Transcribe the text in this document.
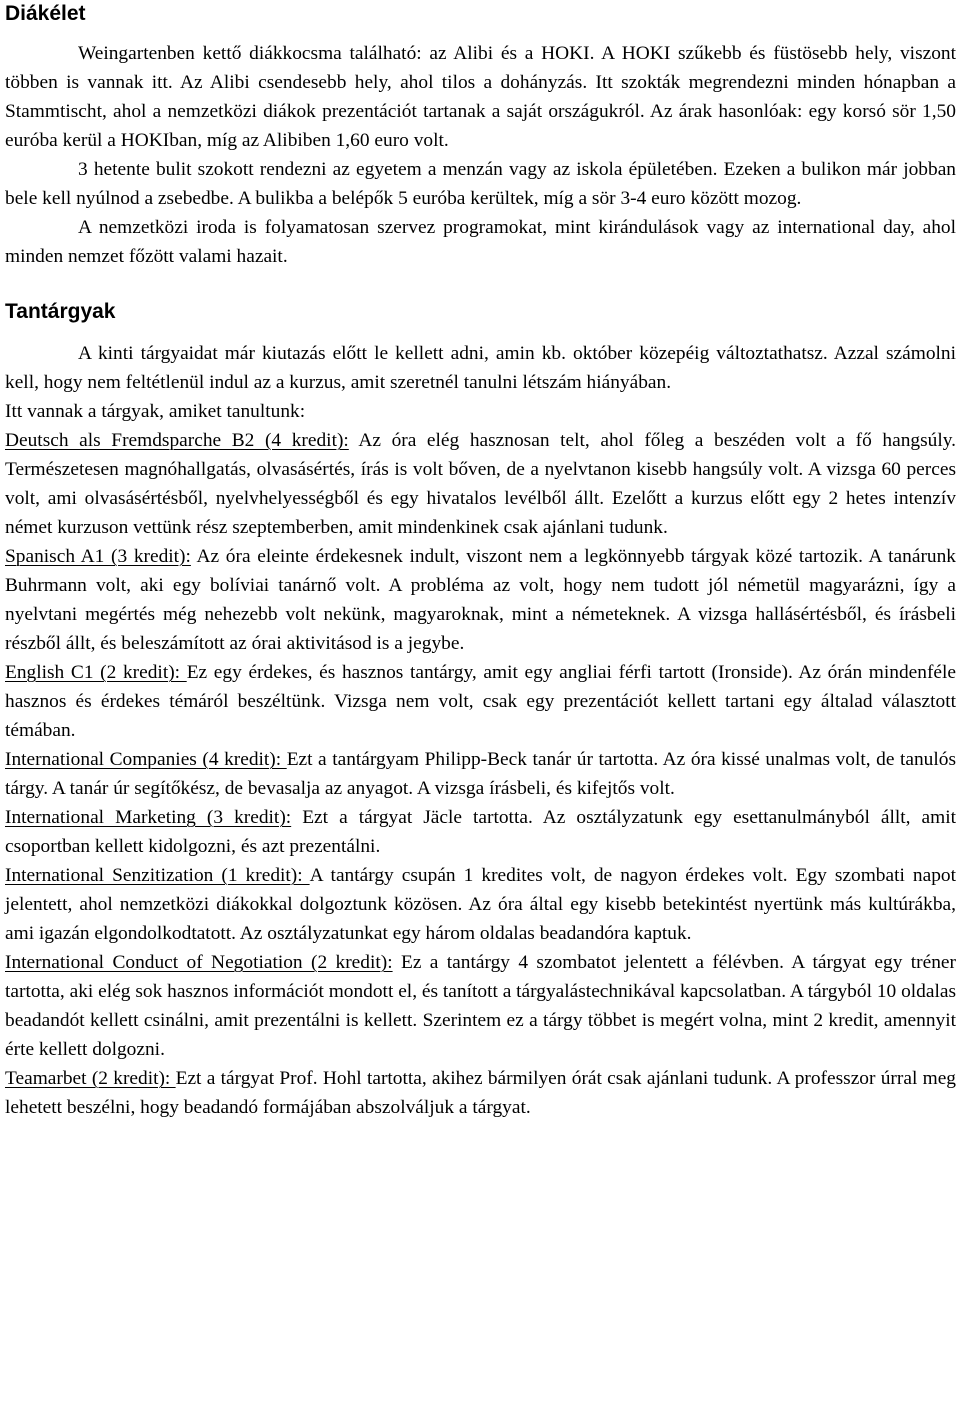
Diákélet

Weingartenben kettő diákkocsma található: az Alibi és a HOKI. A HOKI szűkebb és füstösebb hely, viszont többen is vannak itt. Az Alibi csendesebb hely, ahol tilos a dohányzás. Itt szokták megrendezni minden hónapban a Stammtischt, ahol a nemzetközi diákok prezentációt tartanak a saját országukról. Az árak hasonlóak: egy korsó sör 1,50 euróba kerül a HOKIban, míg az Alibiben 1,60 euro volt.

3 hetente bulit szokott rendezni az egyetem a menzán vagy az iskola épületében. Ezeken a bulikon már jobban bele kell nyúlnod a zsebedbe. A bulikba a belépők 5 euróba kerültek, míg a sör 3-4 euro között mozog.

A nemzetközi iroda is folyamatosan szervez programokat, mint kirándulások vagy az international day, ahol minden nemzet főzött valami hazait.

Tantárgyak

A kinti tárgyaidat már kiutazás előtt le kellett adni, amin kb. október közepéig változtathatsz. Azzal számolni kell, hogy nem feltétlenül indul az a kurzus, amit szeretnél tanulni létszám hiányában.

Itt vannak a tárgyak, amiket tanultunk:

Deutsch als Fremdsparche B2 (4 kredit): Az óra elég hasznosan telt, ahol főleg a beszéden volt a fő hangsúly. Természetesen magnóhallgatás, olvasásértés, írás is volt bőven, de a nyelvtanon kisebb hangsúly volt. A vizsga 60 perces volt, ami olvasásértésből, nyelvhelyességből és egy hivatalos levélből állt. Ezelőtt a kurzus előtt egy 2 hetes intenzív német kurzuson vettünk rész szeptemberben, amit mindenkinek csak ajánlani tudunk.

Spanisch A1 (3 kredit): Az óra eleinte érdekesnek indult, viszont nem a legkönnyebb tárgyak közé tartozik. A tanárunk Buhrmann volt, aki egy bolíviai tanárnő volt. A probléma az volt, hogy nem tudott jól németül magyarázni, így a nyelvtani megértés még nehezebb volt nekünk, magyaroknak, mint a németeknek. A vizsga hallásértésből, és írásbeli részből állt, és beleszámított az órai aktivitásod is a jegybe.

English C1 (2 kredit): Ez egy érdekes, és hasznos tantárgy, amit egy angliai férfi tartott (Ironside). Az órán mindenféle hasznos és érdekes témáról beszéltünk. Vizsga nem volt, csak egy prezentációt kellett tartani egy általad választott témában.

International Companies (4 kredit): Ezt a tantárgyam Philipp-Beck tanár úr tartotta. Az óra kissé unalmas volt, de tanulós tárgy. A tanár úr segítőkész, de bevasalja az anyagot. A vizsga írásbeli, és kifejtős volt.

International Marketing (3 kredit): Ezt a tárgyat Jäcle tartotta. Az osztályzatunk egy esettanulmányból állt, amit csoportban kellett kidolgozni, és azt prezentálni.

International Senzitization (1 kredit): A tantárgy csupán 1 kredites volt, de nagyon érdekes volt. Egy szombati napot jelentett, ahol nemzetközi diákokkal dolgoztunk közösen. Az óra által egy kisebb betekintést nyertünk más kultúrákba, ami igazán elgondolkodtatott. Az osztályzatunkat egy három oldalas beadandóra kaptuk.

International Conduct of Negotiation (2 kredit): Ez a tantárgy 4 szombatot jelentett a félévben. A tárgyat egy tréner tartotta, aki elég sok hasznos információt mondott el, és tanított a tárgyalástechnikával kapcsolatban. A tárgyból 10 oldalas beadandót kellett csinálni, amit prezentálni is kellett. Szerintem ez a tárgy többet is megért volna, mint 2 kredit, amennyit érte kellett dolgozni.

Teamarbet (2 kredit): Ezt a tárgyat Prof. Hohl tartotta, akihez bármilyen órát csak ajánlani tudunk. A professzor úrral meg lehetett beszélni, hogy beadandó formájában abszolváljuk a tárgyat.
